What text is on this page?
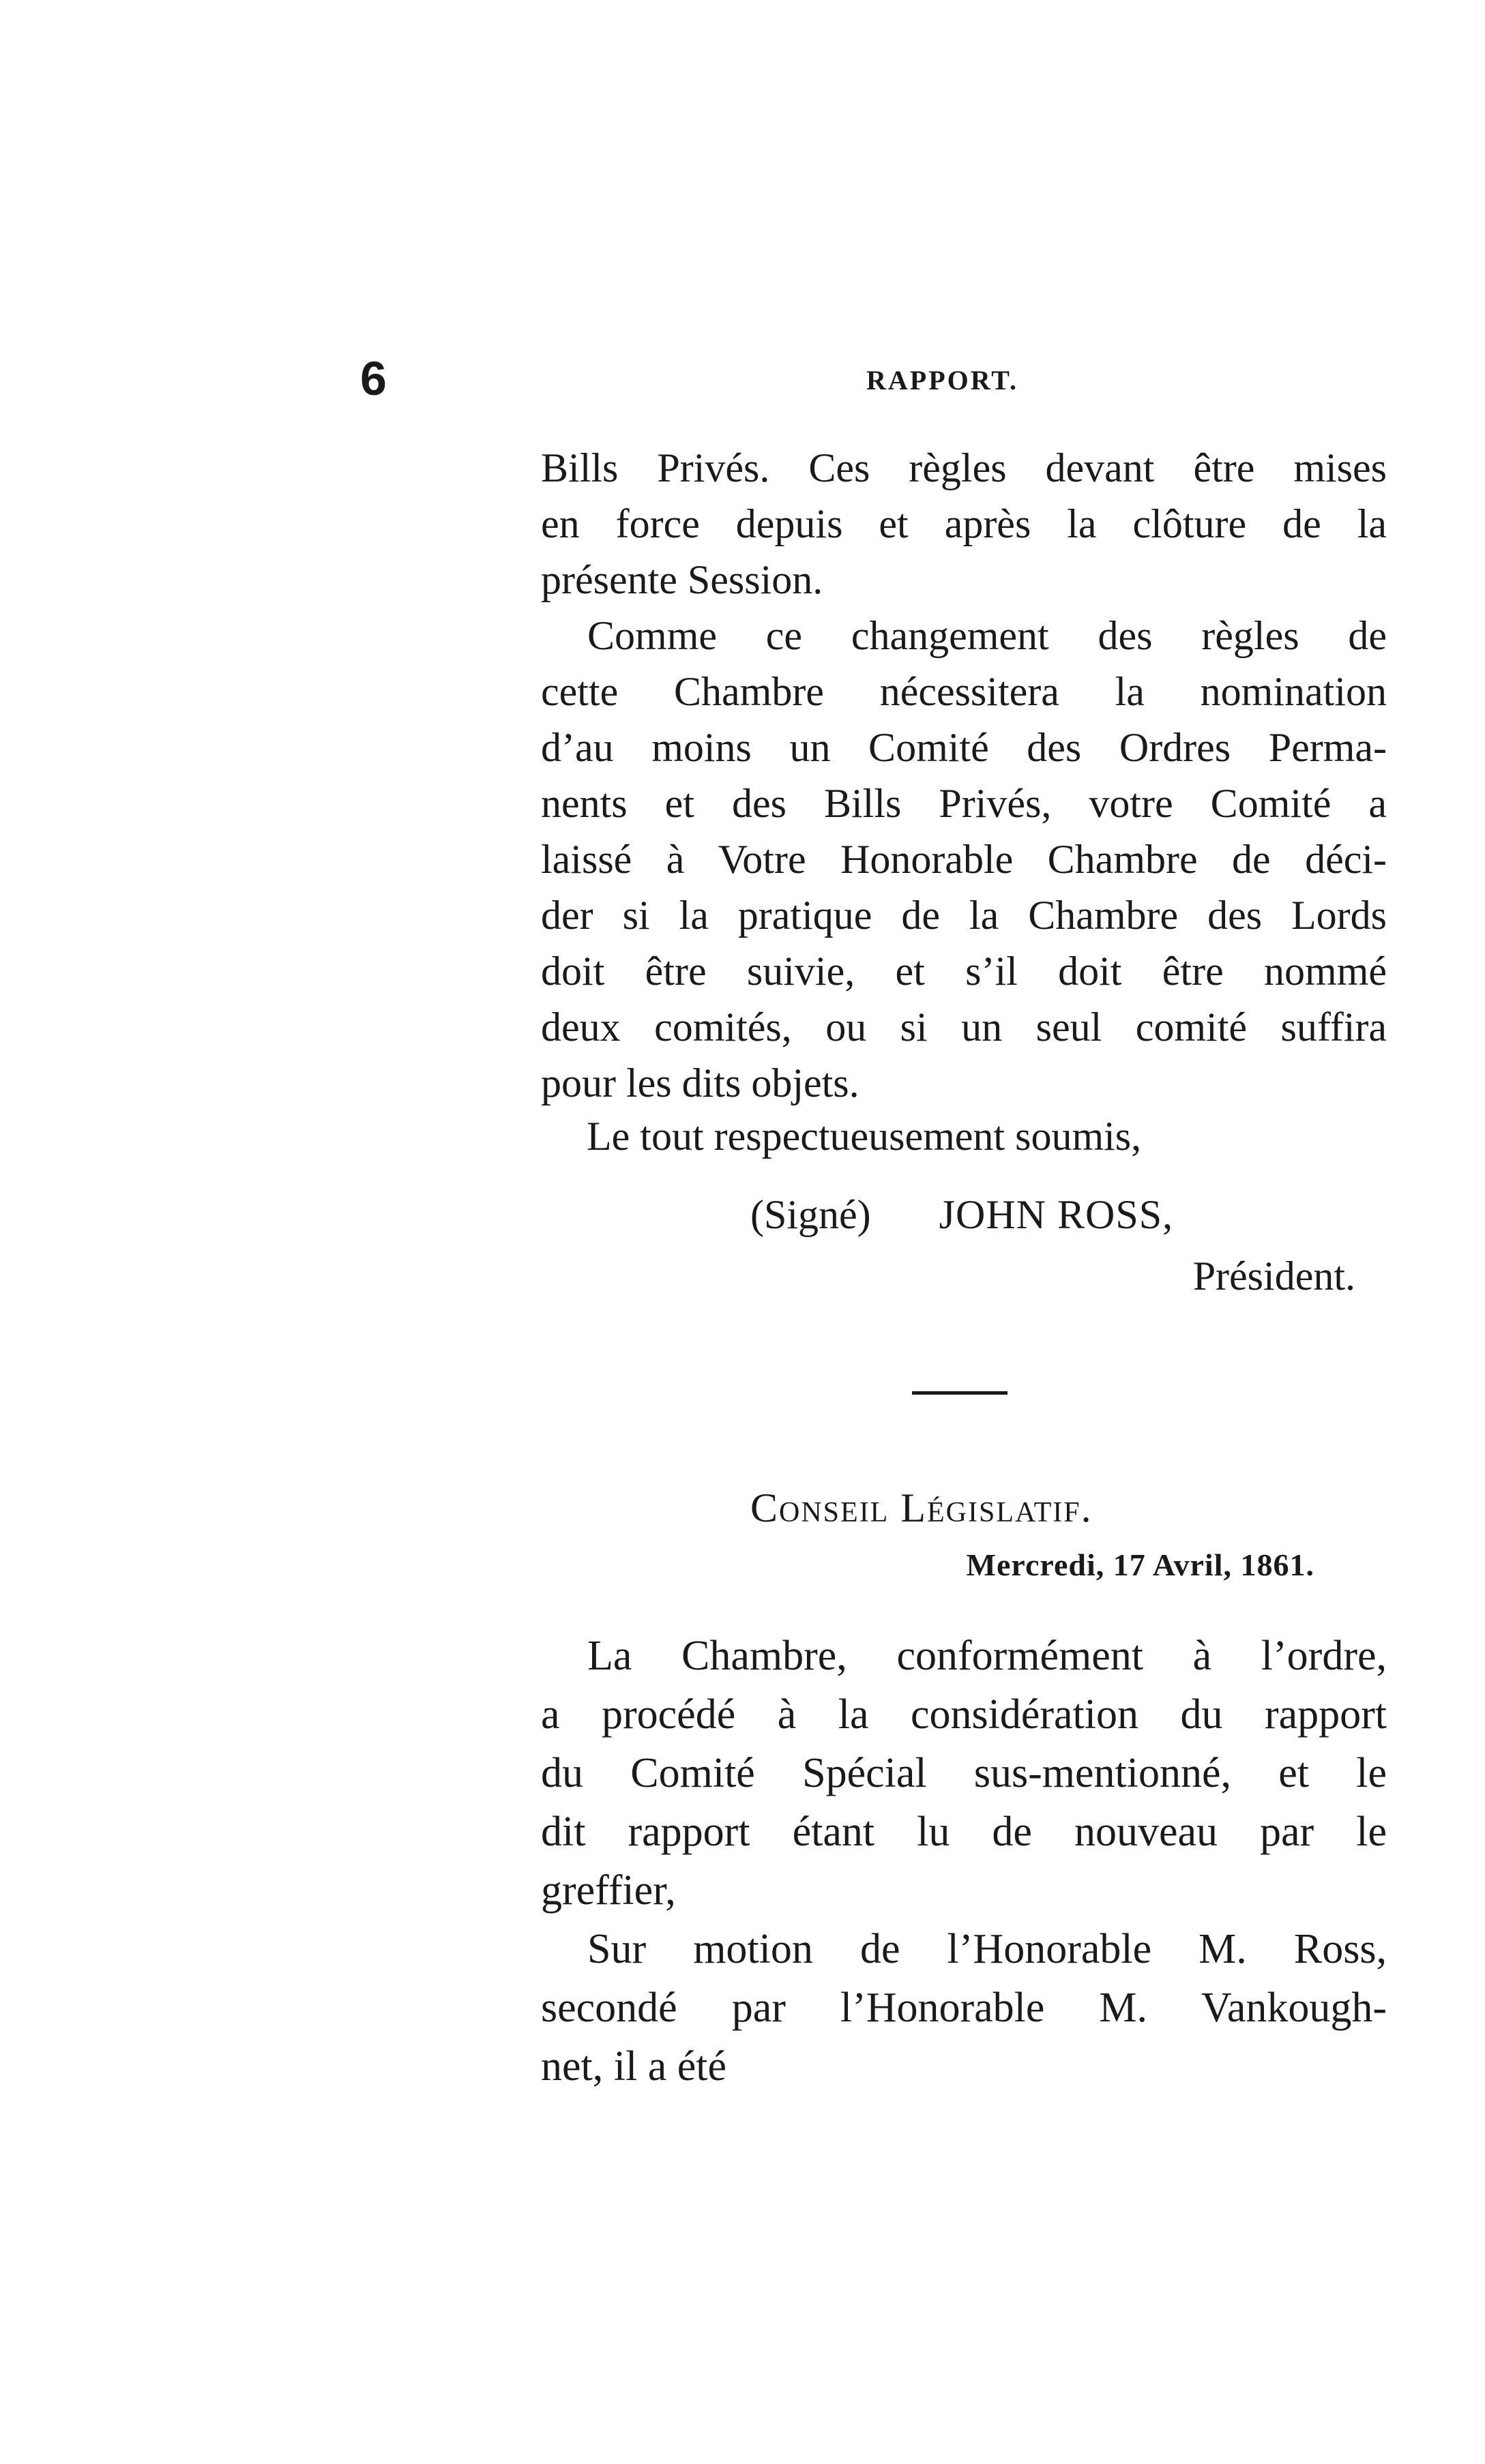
6	RAPPORT.

Bills Privés. Ces règles devant être mises

en force depuis et après la clôture de la

présente Session.

Comme ce changement des règles de

cette Chambre nécessitera la nomination

d’au moins un Comité des Ordres Perma-

nents et des Bills Privés, votre Comité a

laissé à Votre Honorable Chambre de déci-

der si la pratique de la Chambre des Lords

doit être suivie, et s’il doit être nommé

deux comités, ou si un seul comité suffira

pour les dits objets.

Le tout respectueusement soumis,
(Signé) JOHN ROSS,
Président.
Conseil Législatif.
Mercredi, 17 Avril, 1861.

La Chambre, conformément à l’ordre,

a procédé à la considération du rapport

du Comité Spécial sus-mentionné, et le

dit rapport étant lu de nouveau par le

greffier,

Sur motion de l’Honorable M. Ross,

secondé par l’Honorable M. Vankough-

net, il a été
